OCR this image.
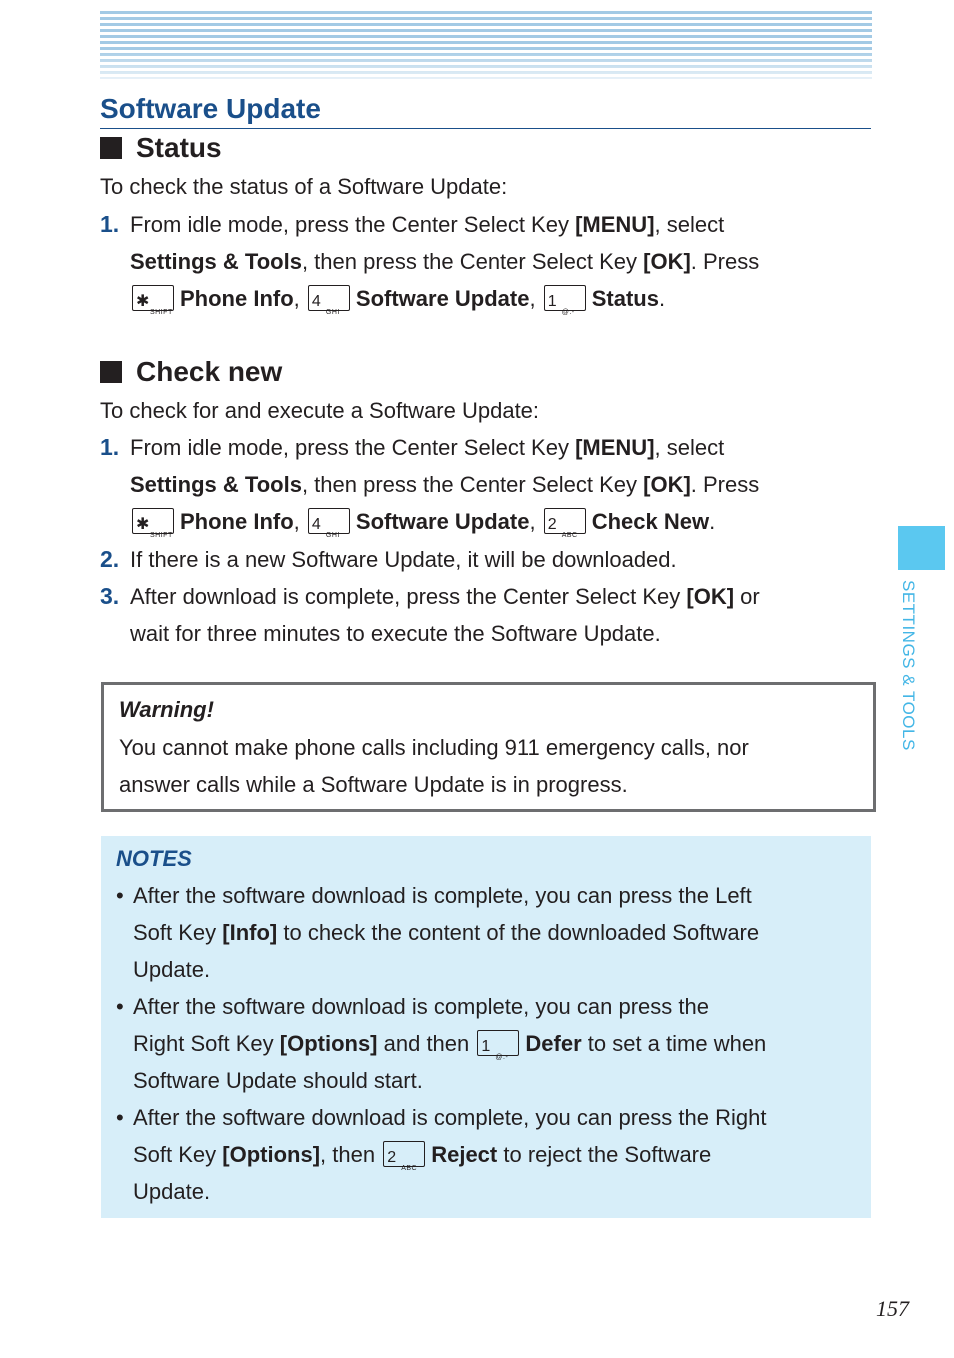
Software Update
Status
To check the status of a Software Update:
1. From idle mode, press the Center Select Key [MENU], select
Settings & Tools, then press the Center Select Key [OK]. Press
✱
SHIFT
Phone Info, 4
GHI
Software Update, 1
@.-
Status.
Check new
To check for and execute a Software Update:
1. From idle mode, press the Center Select Key [MENU], select
Settings & Tools, then press the Center Select Key [OK]. Press
✱
SHIFT
Phone Info, 4
GHI
Software Update, 2
ABC
Check New.
2. If there is a new Software Update, it will be downloaded.
3. After download is complete, press the Center Select Key [OK] or
wait for three minutes to execute the Software Update.
Warning!
You cannot make phone calls including 911 emergency calls, nor
answer calls while a Software Update is in progress.
NOTES
• After the software download is complete, you can press the Left
Soft Key [Info] to check the content of the downloaded Software
Update.
• After the software download is complete, you can press the
Right Soft Key [Options] and then 1
@.-
Defer to set a time when
Software Update should start.
• After the software download is complete, you can press the Right
Soft Key [Options], then 2
ABC
Reject to reject the Software
Update.
SETTINGS & TOOLS
157
